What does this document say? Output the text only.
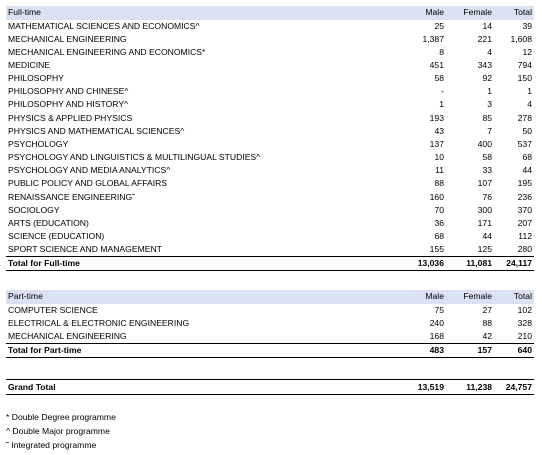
Full-time	Male	Female	Total
MATHEMATICAL SCIENCES AND ECONOMICS^	25	14	39
MECHANICAL ENGINEERING	1,387	221	1,608
MECHANICAL ENGINEERING AND ECONOMICS*	8	4	12
MEDICINE	451	343	794
PHILOSOPHY	58	92	150
PHILOSOPHY AND CHINESE^	-	1	1
PHILOSOPHY AND HISTORY^	1	3	4
PHYSICS & APPLIED PHYSICS	193	85	278
PHYSICS AND MATHEMATICAL SCIENCES^	43	7	50
PSYCHOLOGY	137	400	537
PSYCHOLOGY AND LINGUISTICS & MULTILINGUAL STUDIES^	10	58	68
PSYCHOLOGY AND MEDIA ANALYTICS^	11	33	44
PUBLIC POLICY AND GLOBAL AFFAIRS	88	107	195
RENAISSANCE ENGINEERING˜	160	76	236
SOCIOLOGY	70	300	370
ARTS (EDUCATION)	36	171	207
SCIENCE (EDUCATION)	68	44	112
SPORT SCIENCE AND MANAGEMENT	155	125	280
Total for Full-time	13,036	11,081	24,117
Part-time	Male	Female	Total
COMPUTER SCIENCE	75	27	102
ELECTRICAL & ELECTRONIC ENGINEERING	240	88	328
MECHANICAL ENGINEERING	168	42	210
Total for Part-time	483	157	640
Grand Total	13,519	11,238	24,757
* Double Degree programme
^ Double Major programme
˜ Integrated programme
